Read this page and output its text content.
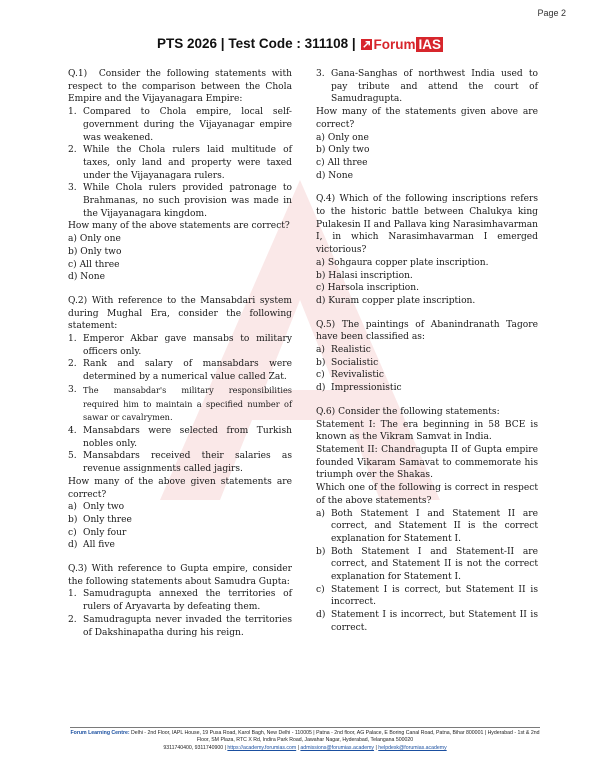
Page 2
PTS 2026 | Test Code : 311108 | Forum IAS

Q.1) Consider the following statements with respect to the comparison between the Chola Empire and the Vijayanagara Empire:

1. Compared to Chola empire, local self-government during the Vijayanagar empire was weakened.
2. While the Chola rulers laid multitude of taxes, only land and property were taxed under the Vijayanagara rulers.
3. While Chola rulers provided patronage to Brahmanas, no such provision was made in the Vijayanagara kingdom.

How many of the above statements are correct?

a) Only one
b) Only two
c) All three
d) None

Q.2) With reference to the Mansabdari system during Mughal Era, consider the following statement:

1. Emperor Akbar gave mansabs to military officers only.
2. Rank and salary of mansabdars were determined by a numerical value called Zat.
3. The mansabdar's military responsibilities required him to maintain a specified number of sawar or cavalrymen.
4. Mansabdars were selected from Turkish nobles only.
5. Mansabdars received their salaries as revenue assignments called jagirs.

How many of the above given statements are correct?

a) Only two
b) Only three
c) Only four
d) All five

Q.3) With reference to Gupta empire, consider the following statements about Samudra Gupta:

1. Samudragupta annexed the territories of rulers of Aryavarta by defeating them.
2. Samudragupta never invaded the territories of Dakshinapatha during his reign.
3. Gana-Sanghas of northwest India used to pay tribute and attend the court of Samudragupta.

How many of the statements given above are correct?

a) Only one
b) Only two
c) All three
d) None

Q.4) Which of the following inscriptions refers to the historic battle between Chalukya king Pulakesin II and Pallava king Narasimhavarman I, in which Narasimhavarman I emerged victorious?

a) Sohgaura copper plate inscription.
b) Halasi inscription.
c) Harsola inscription.
d) Kuram copper plate inscription.

Q.5) The paintings of Abanindranath Tagore have been classified as:

a) Realistic
b) Socialistic
c) Revivalistic
d) Impressionistic

Q.6) Consider the following statements:

Statement I: The era beginning in 58 BCE is known as the Vikram Samvat in India.

Statement II: Chandragupta II of Gupta empire founded Vikaram Samavat to commemorate his triumph over the Shakas.

Which one of the following is correct in respect of the above statements?

a) Both Statement I and Statement II are correct, and Statement II is the correct explanation for Statement I.
b) Both Statement I and Statement-II are correct, and Statement II is not the correct explanation for Statement I.
c) Statement I is correct, but Statement II is incorrect.
d) Statement I is incorrect, but Statement II is correct.
Forum Learning Centre: Delhi - 2nd Floor, IAPL House, 19 Pusa Road, Karol Bagh, New Delhi - 110005 | Patna - 2nd floor, AG Palace, E Boring Canal Road, Patna, Bihar 800001 | Hyderabad - 1st & 2nd Floor, SM Plaza, RTC X Rd, Indira Park Road, Jawahar Nagar, Hyderabad, Telangana 500020
9311740400, 9311740900 | https://academy.forumias.com | admissions@forumias.academy | helpdesk@forumias.academy
